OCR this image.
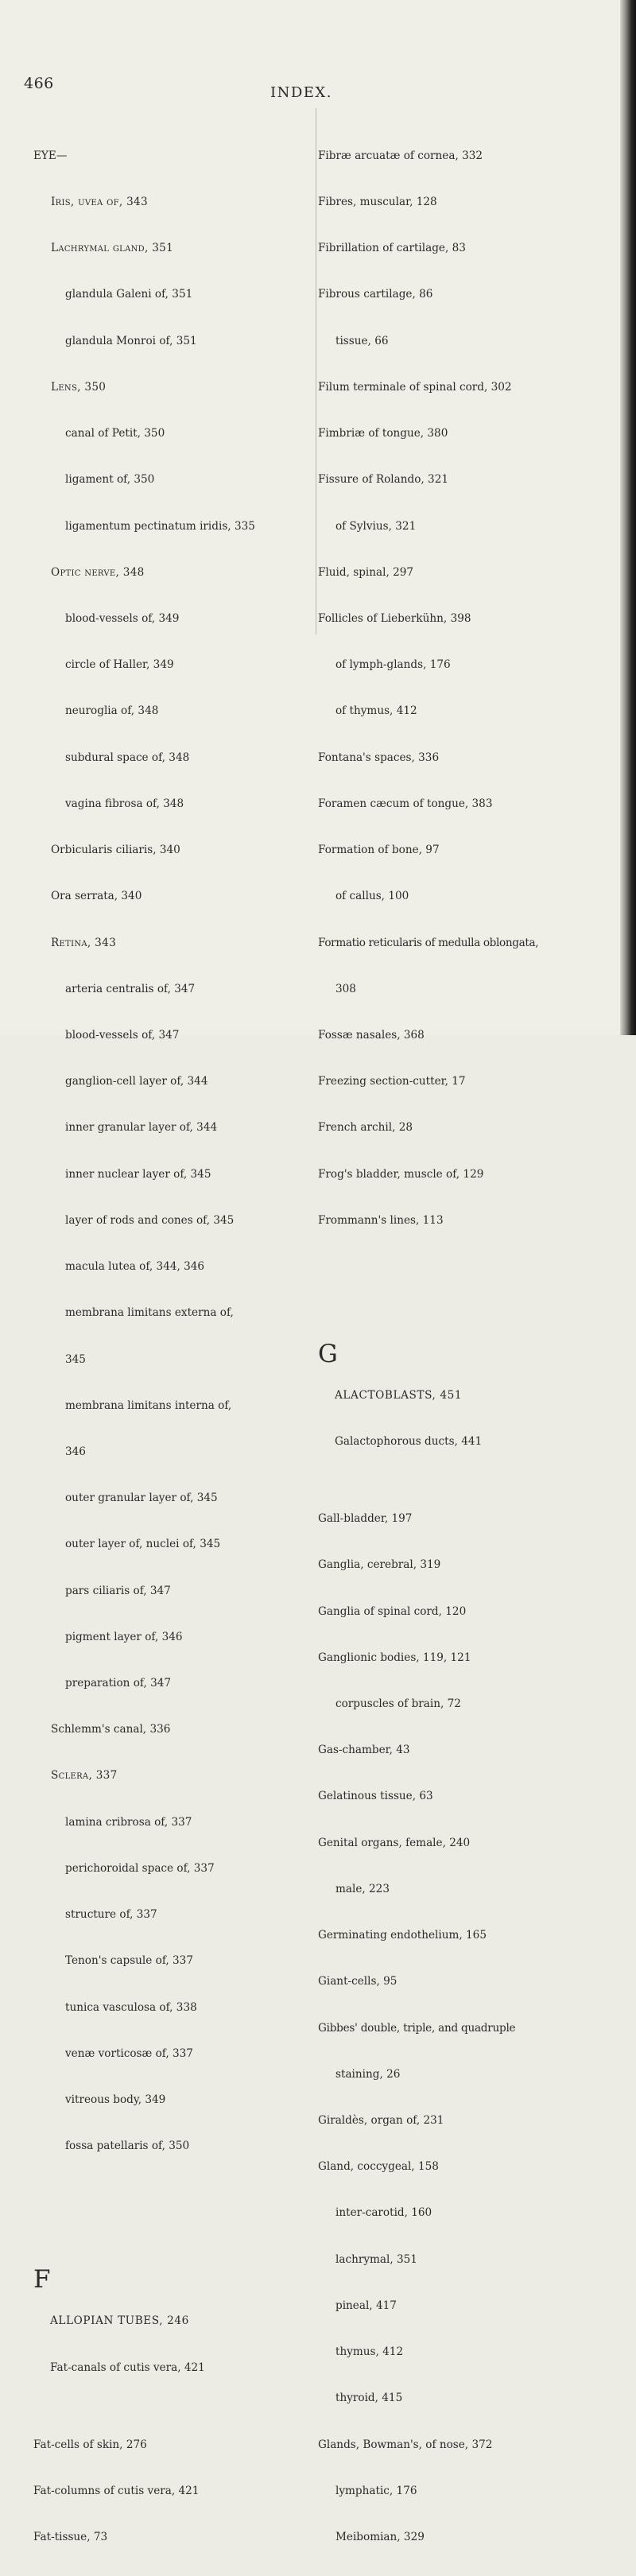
466
INDEX.

EYE—

Iris, uvea of, 343

Lachrymal gland, 351

glandula Galeni of, 351

glandula Monroi of, 351

Lens, 350

canal of Petit, 350

ligament of, 350

ligamentum pectinatum iridis, 335

Optic nerve, 348

blood-vessels of, 349

circle of Haller, 349

neuroglia of, 348

subdural space of, 348

vagina fibrosa of, 348

Orbicularis ciliaris, 340

Ora serrata, 340

Retina, 343

arteria centralis of, 347

blood-vessels of, 347

ganglion-cell layer of, 344

inner granular layer of, 344

inner nuclear layer of, 345

layer of rods and cones of, 345

macula lutea of, 344, 346

membrana limitans externa of,

345

membrana limitans interna of,

346

outer granular layer of, 345

outer layer of, nuclei of, 345

pars ciliaris of, 347

pigment layer of, 346

preparation of, 347

Schlemm's canal, 336

Sclera, 337

lamina cribrosa of, 337

perichoroidal space of, 337

structure of, 337

Tenon's capsule of, 337

tunica vasculosa of, 338

venæ vorticosæ of, 337

vitreous body, 349

fossa patellaris of, 350

F

ALLOPIAN TUBES, 246

Fat-canals of cutis vera, 421

Fat-cells of skin, 276

Fat-columns of cutis vera, 421

Fat-tissue, 73

Fibræ arcuatæ of cornea, 332

Fibres, muscular, 128

Fibrillation of cartilage, 83

Fibrous cartilage, 86

tissue, 66

Filum terminale of spinal cord, 302

Fimbriæ of tongue, 380

Fissure of Rolando, 321

of Sylvius, 321

Fluid, spinal, 297

Follicles of Lieberkühn, 398

of lymph-glands, 176

of thymus, 412

Fontana's spaces, 336

Foramen cæcum of tongue, 383

Formation of bone, 97

of callus, 100

Formatio reticularis of medulla oblongata,

308

Fossæ nasales, 368

Freezing section-cutter, 17

French archil, 28

Frog's bladder, muscle of, 129

Frommann's lines, 113

G

ALACTOBLASTS, 451

Galactophorous ducts, 441

Gall-bladder, 197

Ganglia, cerebral, 319

Ganglia of spinal cord, 120

Ganglionic bodies, 119, 121

corpuscles of brain, 72

Gas-chamber, 43

Gelatinous tissue, 63

Genital organs, female, 240

male, 223

Germinating endothelium, 165

Giant-cells, 95

Gibbes' double, triple, and quadruple

staining, 26

Giraldès, organ of, 231

Gland, coccygeal, 158

inter-carotid, 160

lachrymal, 351

pineal, 417

thymus, 412

thyroid, 415

Glands, Bowman's, of nose, 372

lymphatic, 176

Meibomian, 329
